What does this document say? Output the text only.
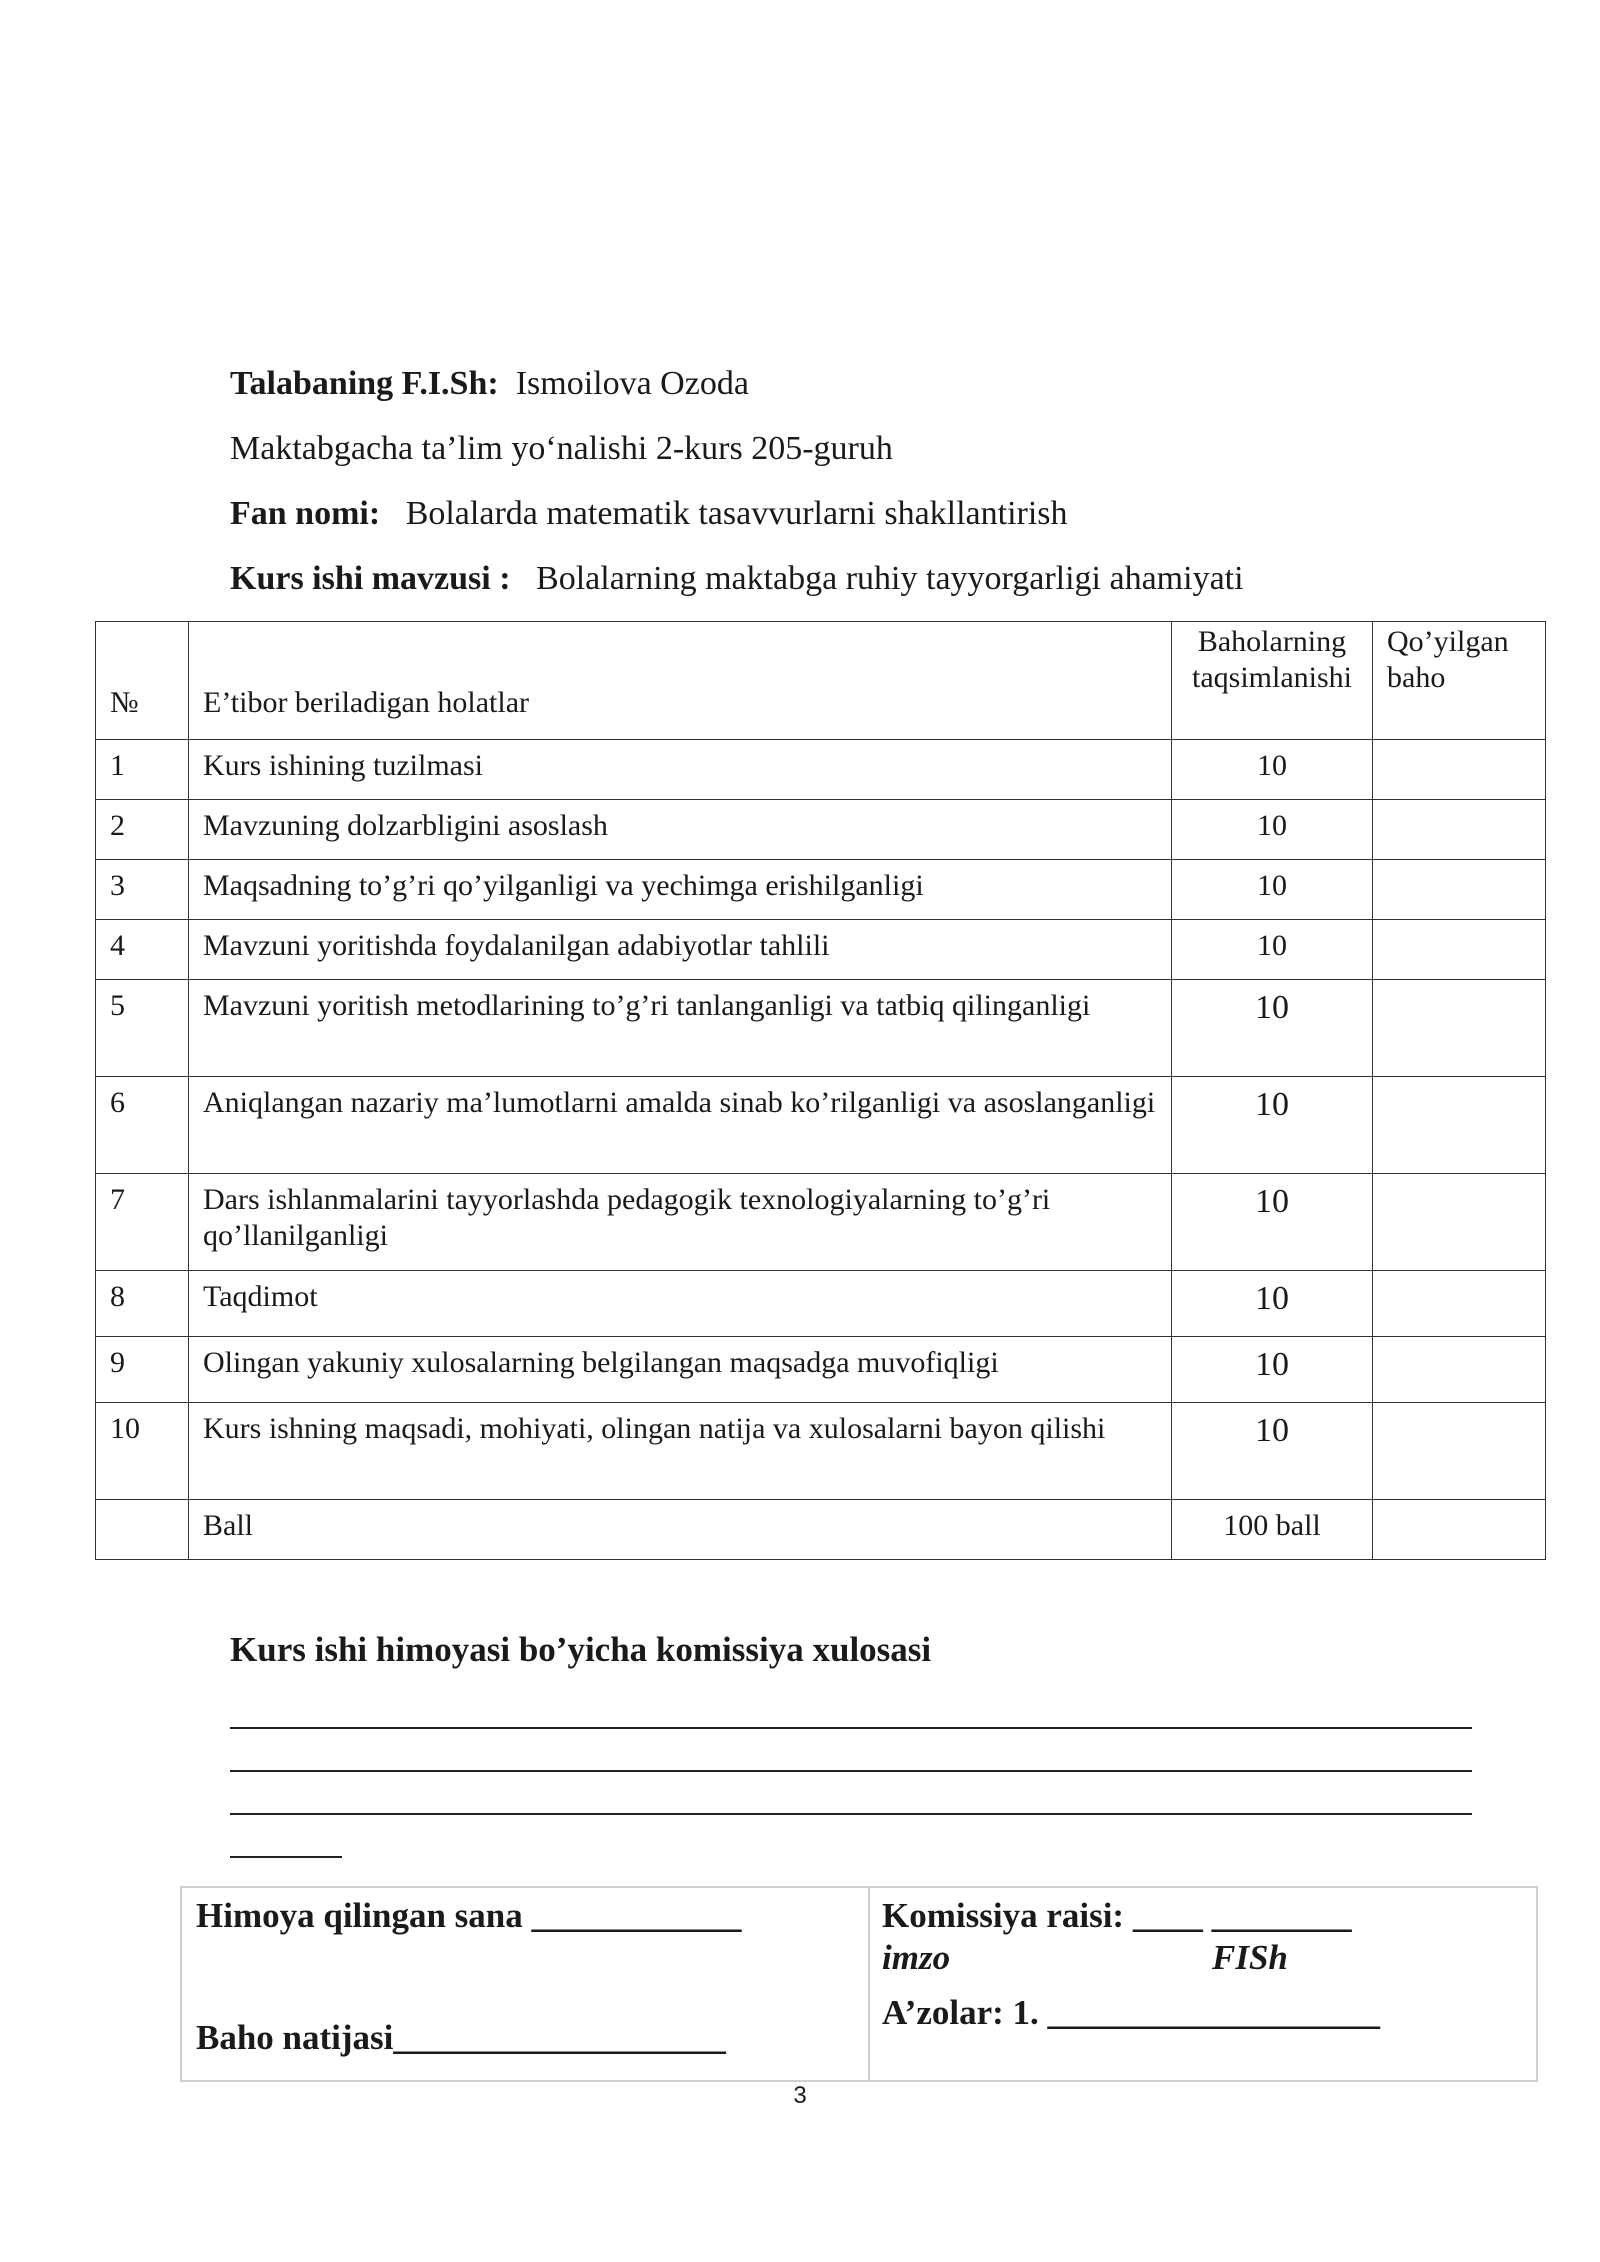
Talabaning F.I.Sh: Ismoilova Ozoda
Maktabgacha ta’lim yo‘nalishi 2-kurs 205-guruh
Fan nomi: Bolalarda matematik tasavvurlarni shakllantirish
Kurs ishi mavzusi : Bolalarning maktabga ruhiy tayyorgarligi ahamiyati
№	E’tibor beriladigan holatlar	Baholarning taqsimlanishi	Qo’yilgan baho
1	Kurs ishining tuzilmasi	10	
2	Mavzuning dolzarbligini asoslash	10	
3	Maqsadning to’g’ri qo’yilganligi va yechimga erishilganligi	10	
4	Mavzuni yoritishda foydalanilgan adabiyotlar tahlili	10	
5	Mavzuni yoritish metodlarining to’g’ri tanlanganligi va tatbiq qilinganligi	10	
6	Aniqlangan nazariy ma’lumotlarni amalda sinab ko’rilganligi va asoslanganligi	10	
7	Dars ishlanmalarini tayyorlashda pedagogik texnologiyalarning to’g’ri qo’llanilganligi	10	
8	Taqdimot	10	
9	Olingan yakuniy xulosalarning belgilangan maqsadga muvofiqligi	10	
10	Kurs ishning maqsadi, mohiyati, olingan natija va xulosalarni bayon qilishi	10	
	Ball	100 ball	
Kurs ishi himoyasi bo’yicha komissiya xulosasi
Himoya qilingan sana ____________
Baho natijasi___________________
Komissiya raisi: ____ ________
imzo	FISh
A’zolar: 1. ___________________
3
